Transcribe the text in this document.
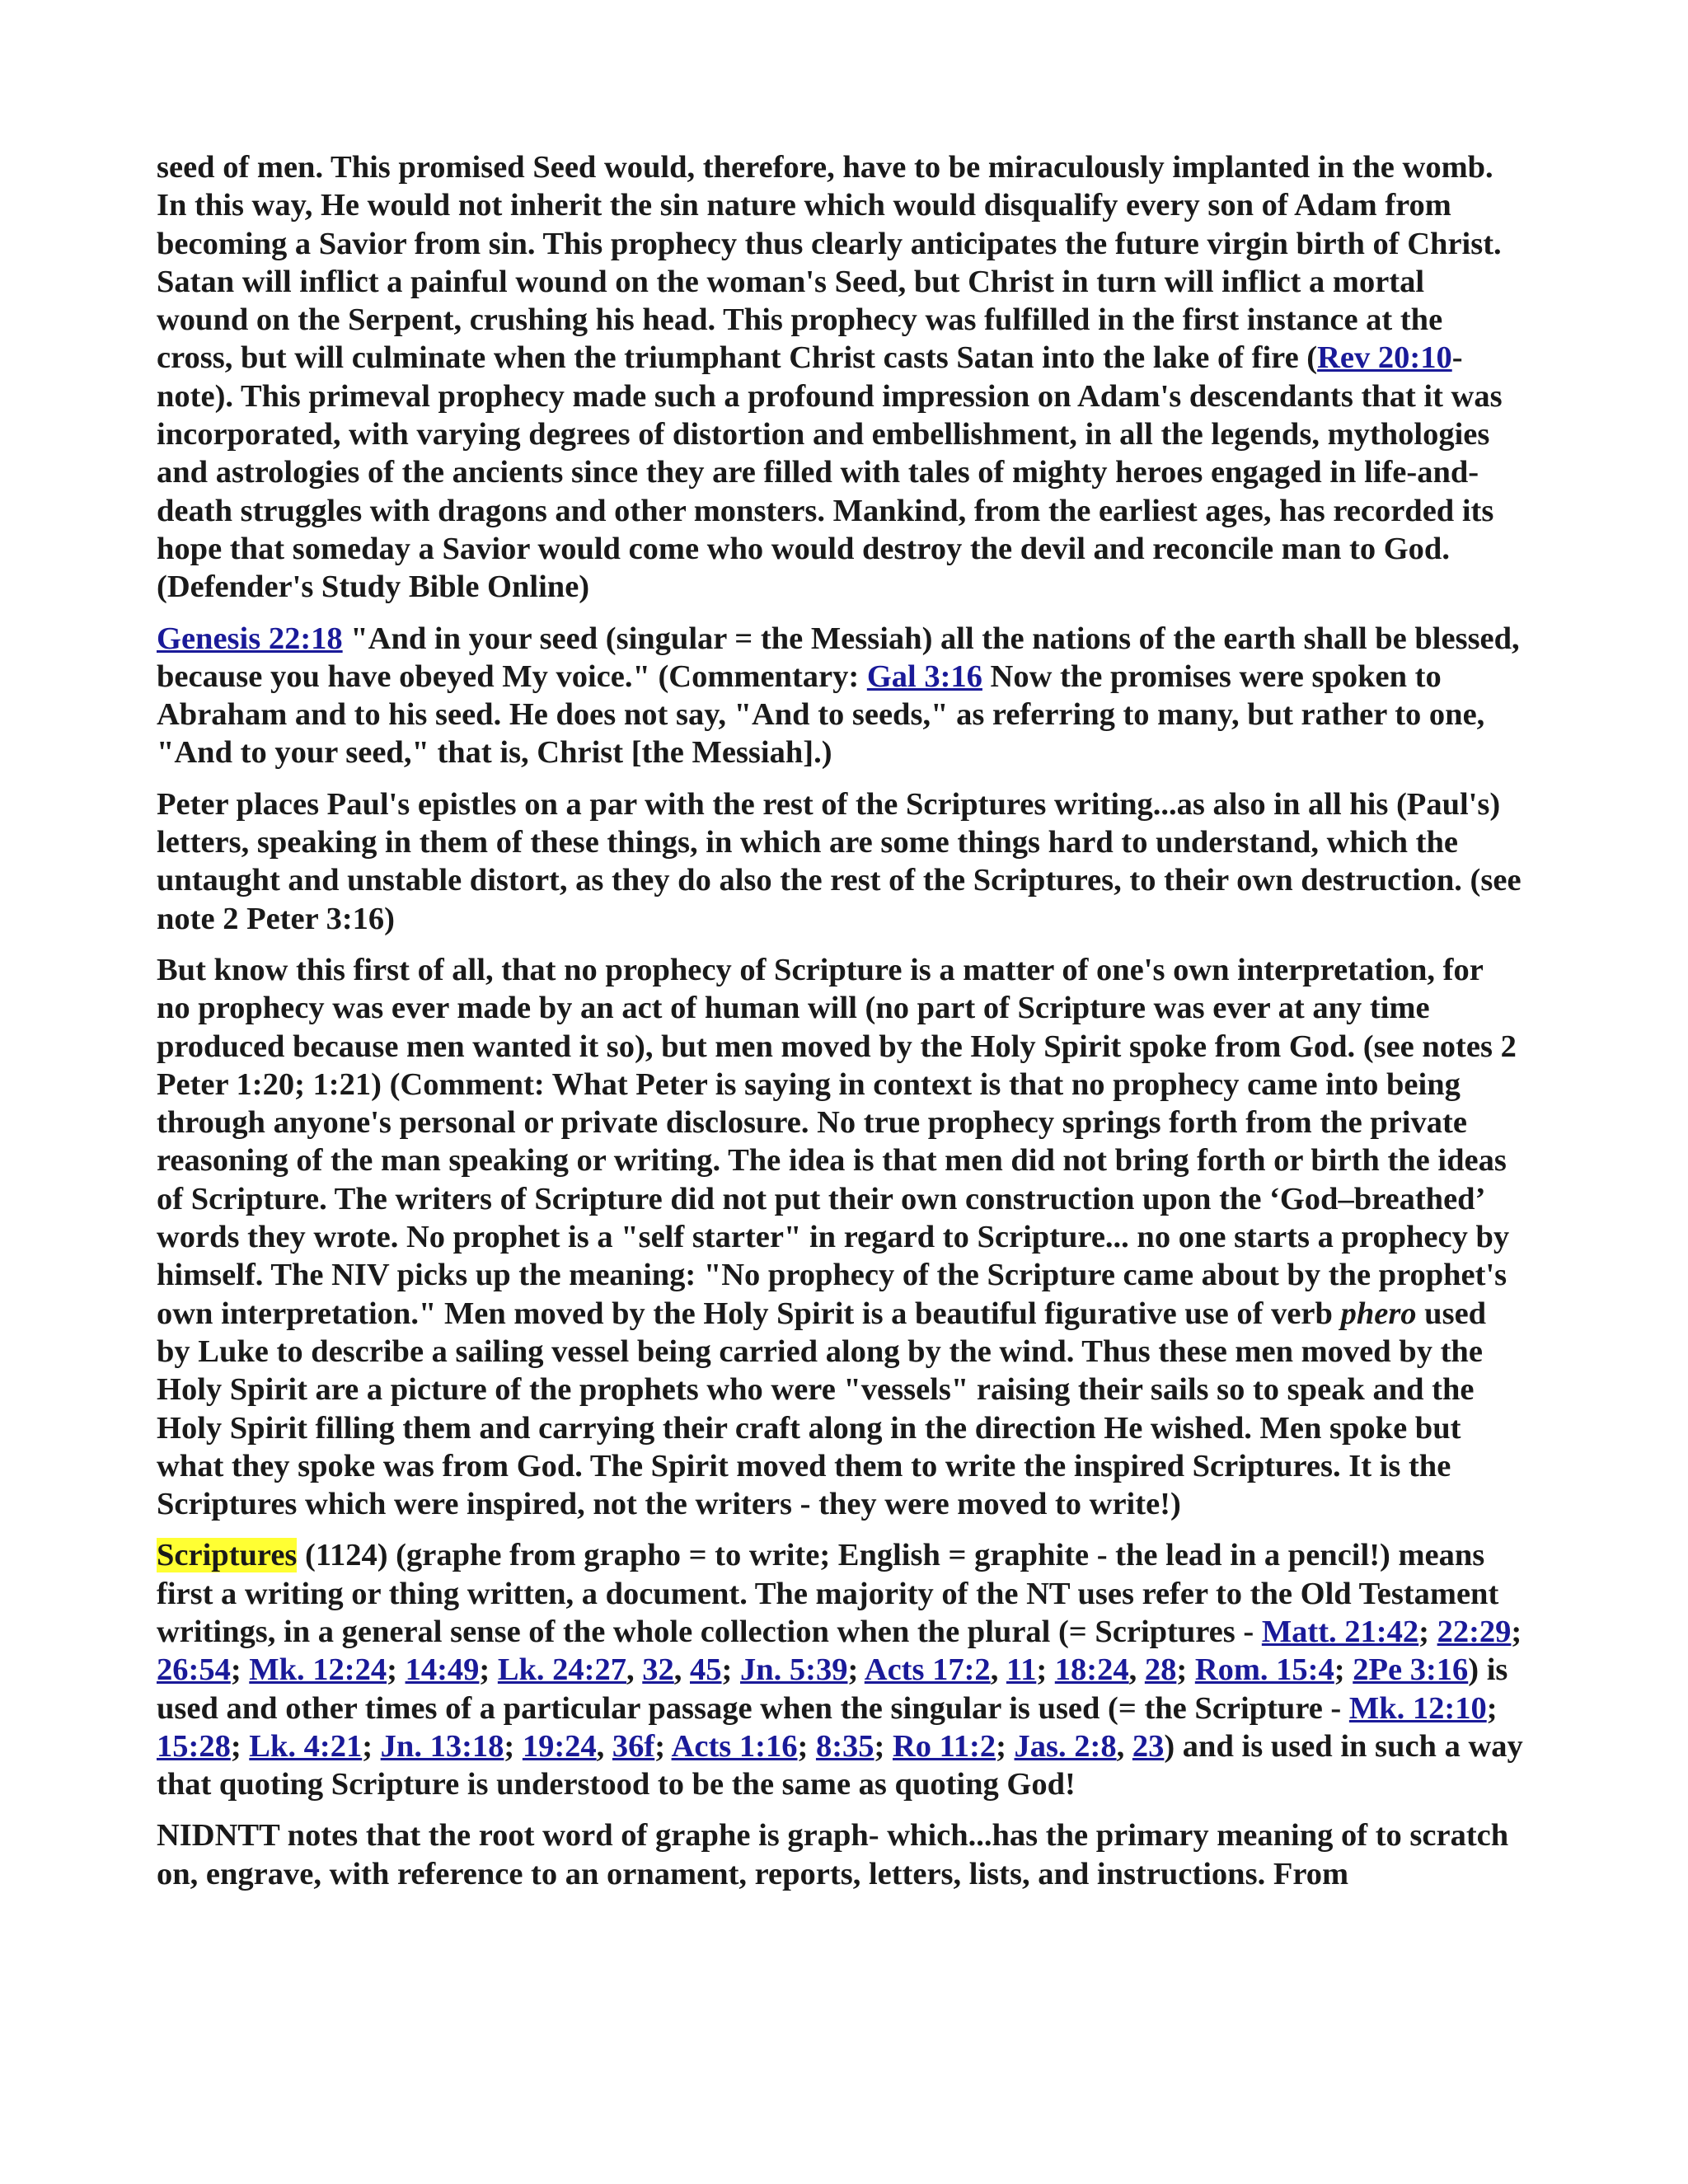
seed of men. This promised Seed would, therefore, have to be miraculously implanted in the womb. In this way, He would not inherit the sin nature which would disqualify every son of Adam from becoming a Savior from sin. This prophecy thus clearly anticipates the future virgin birth of Christ. Satan will inflict a painful wound on the woman's Seed, but Christ in turn will inflict a mortal wound on the Serpent, crushing his head. This prophecy was fulfilled in the first instance at the cross, but will culminate when the triumphant Christ casts Satan into the lake of fire (Rev 20:10-note). This primeval prophecy made such a profound impression on Adam's descendants that it was incorporated, with varying degrees of distortion and embellishment, in all the legends, mythologies and astrologies of the ancients since they are filled with tales of mighty heroes engaged in life-and-death struggles with dragons and other monsters. Mankind, from the earliest ages, has recorded its hope that someday a Savior would come who would destroy the devil and reconcile man to God. (Defender's Study Bible Online)

Genesis 22:18 "And in your seed (singular = the Messiah) all the nations of the earth shall be blessed, because you have obeyed My voice." (Commentary: Gal 3:16 Now the promises were spoken to Abraham and to his seed. He does not say, "And to seeds," as referring to many, but rather to one, "And to your seed," that is, Christ [the Messiah].)

Peter places Paul's epistles on a par with the rest of the Scriptures writing...as also in all his (Paul's) letters, speaking in them of these things, in which are some things hard to understand, which the untaught and unstable distort, as they do also the rest of the Scriptures, to their own destruction. (see note 2 Peter 3:16)

But know this first of all, that no prophecy of Scripture is a matter of one's own interpretation, for no prophecy was ever made by an act of human will (no part of Scripture was ever at any time produced because men wanted it so), but men moved by the Holy Spirit spoke from God. (see notes 2 Peter 1:20; 1:21) (Comment: What Peter is saying in context is that no prophecy came into being through anyone's personal or private disclosure. No true prophecy springs forth from the private reasoning of the man speaking or writing. The idea is that men did not bring forth or birth the ideas of Scripture. The writers of Scripture did not put their own construction upon the ‘God–breathed’ words they wrote. No prophet is a "self starter" in regard to Scripture... no one starts a prophecy by himself. The NIV picks up the meaning: "No prophecy of the Scripture came about by the prophet's own interpretation." Men moved by the Holy Spirit is a beautiful figurative use of verb phero used by Luke to describe a sailing vessel being carried along by the wind. Thus these men moved by the Holy Spirit are a picture of the prophets who were "vessels" raising their sails so to speak and the Holy Spirit filling them and carrying their craft along in the direction He wished. Men spoke but what they spoke was from God. The Spirit moved them to write the inspired Scriptures. It is the Scriptures which were inspired, not the writers - they were moved to write!)

Scriptures (1124) (graphe from grapho = to write; English = graphite - the lead in a pencil!) means first a writing or thing written, a document. The majority of the NT uses refer to the Old Testament writings, in a general sense of the whole collection when the plural (= Scriptures - Matt. 21:42; 22:29; 26:54; Mk. 12:24; 14:49; Lk. 24:27, 32, 45; Jn. 5:39; Acts 17:2, 11; 18:24, 28; Rom. 15:4; 2Pe 3:16) is used and other times of a particular passage when the singular is used (= the Scripture - Mk. 12:10; 15:28; Lk. 4:21; Jn. 13:18; 19:24, 36f; Acts 1:16; 8:35; Ro 11:2; Jas. 2:8, 23) and is used in such a way that quoting Scripture is understood to be the same as quoting God!

NIDNTT notes that the root word of graphe is graph- which...has the primary meaning of to scratch on, engrave, with reference to an ornament, reports, letters, lists, and instructions. From
